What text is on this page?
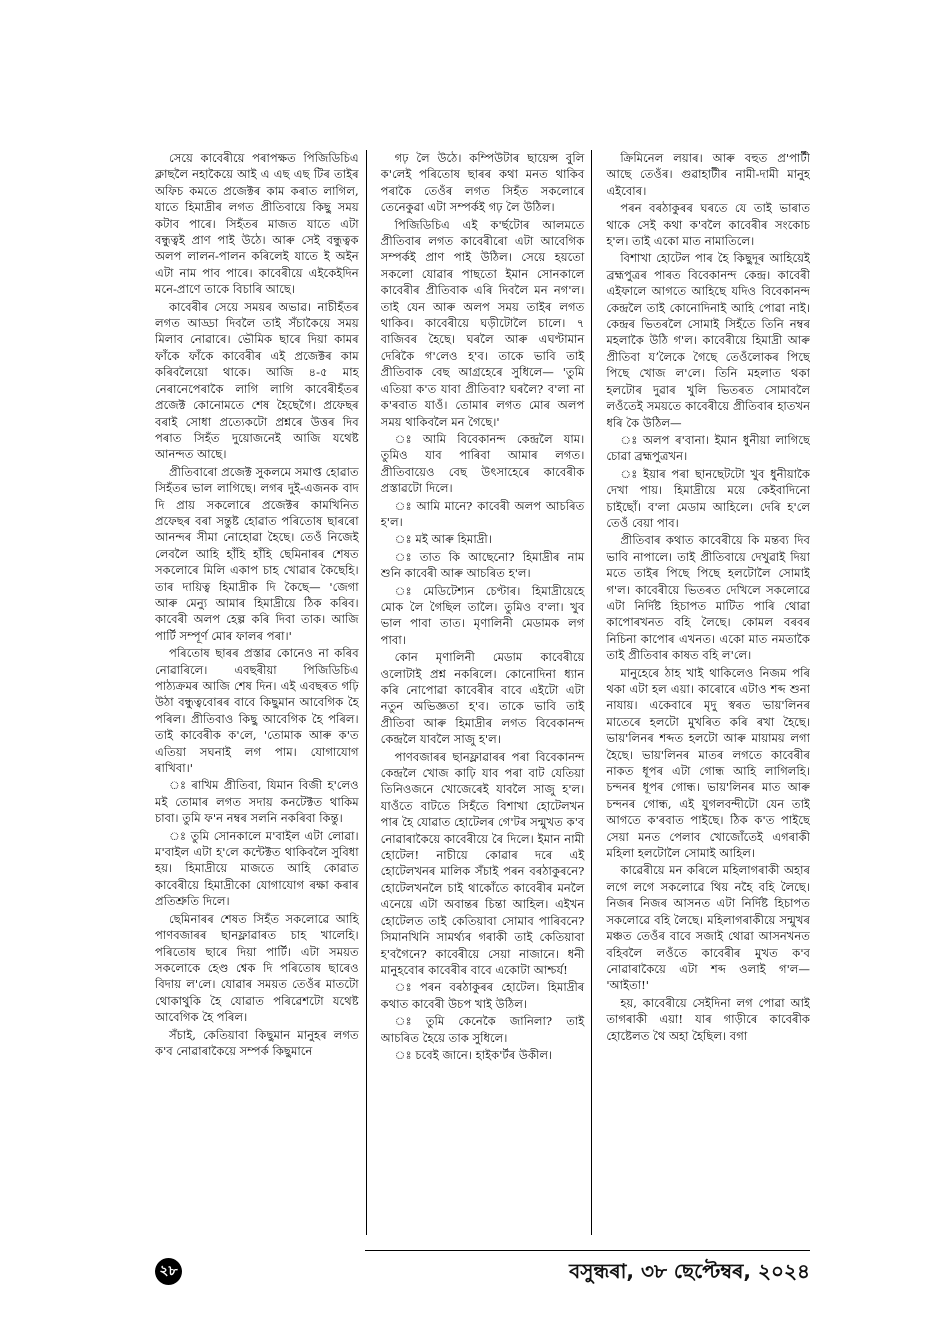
সেয়ে কাবেৰীয়ে পৰাপক্ষত পিজিডিচিএ ক্লাছলৈ নহাকৈয়ে আই এ এছ এছ টিৰ তাইৰ অফিচ কমতে প্ৰজেক্টৰ কাম কৰাত লাগিল, যাতে হিমাদ্ৰীৰ লগত প্ৰীতিবায়ে কিছু সময় কটাব পাৰে। সিহঁতৰ মাজত যাতে এটা বন্ধুত্বই প্ৰাণ পাই উঠে। আৰু সেই বন্ধুত্বক অলপ লালন-পালন কৰিলেই যাতে ই অইন এটা নাম পাব পাৰে। কাবেৰীয়ে এইকেইদিন মনে-প্ৰাণে তাকে বিচাৰি আছে।

কাবেৰীৰ সেয়ে সময়ৰ অভাৱ। নাচীহঁতৰ লগত আড্ডা দিবলৈ তাই সঁচাকৈয়ে সময় মিলাব নোৱাৰে। ভৌমিক ছাৰে দিয়া কামৰ ফাঁকে ফাঁকে কাবেৰীৰ এই প্ৰজেক্টৰ কাম কৰিবলৈয়ো থাকে। আজি ৪-৫ মাহ নেৰানেপেৰাকৈ লাগি লাগি কাবেৰীহঁতৰ প্ৰজেক্ট কোনোমতে শেষ হৈছেগৈ। প্ৰফেছৰ বৰাই সোধা প্ৰত্যেকটো প্ৰশ্নৰে উত্তৰ দিব পৰাত সিহঁত দুয়োজনেই আজি যথেষ্ট আনন্দত আছে।

প্ৰীতিবাৰো প্ৰজেক্ট সুকলমে সমাপ্ত হোৱাত সিহঁতৰ ভাল লাগিছে। লগৰ দুই-এজনক বাদ দি প্ৰায় সকলোৰে প্ৰজেক্টৰ কামখিনিত প্ৰফেছৰ বৰা সন্তুষ্ট হোৱাত পৰিতোষ ছাৰৰো আনন্দৰ সীমা নোহোৱা হৈছে। তেওঁ নিজেই লেবলৈ আহি হাঁহি হাঁহি ছেমিনাৰৰ শেষত সকলোৰে মিলি একাপ চাহ খোৱাৰ কৈছেহি। তাৰ দায়িত্ব হিমাদ্ৰীক দি কৈছে— 'জেগা আৰু মেন্যু আমাৰ হিমাদ্ৰীয়ে ঠিক কৰিব। কাবেৰী অলপ হেল্প কৰি দিবা তাক। আজি পাৰ্টি সম্পূৰ্ণ মোৰ ফালৰ পৰা।'

পৰিতোষ ছাৰৰ প্ৰস্তাৱ কোনেও না কৰিব নোৱাৰিলে। এবছৰীয়া পিজিডিচিএ পাঠ্যক্ৰমৰ আজি শেষ দিন। এই এবছৰত গঢ়ি উঠা বন্ধুত্ববোৰৰ বাবে কিছুমান আবেগিক হৈ পৰিল। প্ৰীতিবাও কিছু আবেগিক হৈ পৰিল। তাই কাবেৰীক ক'লে, 'তোমাক আৰু ক'ত এতিয়া সঘনাই লগ পাম। যোগাযোগ ৰাখিবা।'

ঃ ৰাখিম প্ৰীতিবা, যিমান বিজী হ'লেও মই তোমাৰ লগত সদায় কনটেক্টত থাকিম চাবা। তুমি ফ'ন নম্বৰ সলনি নকৰিবা কিন্তু।

ঃ তুমি সোনকালে ম'বাইল এটা লোৱা। ম'বাইল এটা হ'লে কন্টেক্টত থাকিবলৈ সুবিধা হয়। হিমাদ্ৰীয়ে মাজতে আহি কোৱাত কাবেৰীয়ে হিমাদ্ৰীকো যোগাযোগ ৰক্ষা কৰাৰ প্ৰতিশ্ৰুতি দিলে।

ছেমিনাৰৰ শেষত সিহঁত সকলোৱে আহি পাণবজাৰৰ ছানফ্লাৱাৰত চাহ খালেহি। পৰিতোষ ছাৰে দিয়া পাৰ্টি। এটা সময়ত সকলোকে হেণ্ড শ্বেক দি পৰিতোষ ছাৰেও বিদায় ল'লে। যোৱাৰ সময়ত তেওঁৰ মাতটো থোকাথুকি হৈ যোৱাত পৰিৱেশটো যথেষ্ট আবেগিক হৈ পৰিল।

সঁচাই, কেতিয়াবা কিছুমান মানুহৰ লগত ক'ব নোৱাৰাকৈয়ে সম্পৰ্ক কিছুমানে

গঢ় লৈ উঠে। কম্পিউটাৰ ছায়েন্স বুলি ক'লেই পৰিতোষ ছাৰৰ কথা মনত থাকিব পৰাকৈ তেওঁৰ লগত সিহঁত সকলোৰে তেনেকুৱা এটা সম্পৰ্কই গঢ় লৈ উঠিল।

পিজিডিচিএ এই ক'ৰ্ছটোৰ আলমতে প্ৰীতিবাৰ লগত কাবেৰীৰো এটা আবেগিক সম্পৰ্কই প্ৰাণ পাই উঠিল। সেয়ে হয়তো সকলো যোৱাৰ পাছতো ইমান সোনকালে কাবেৰীৰ প্ৰীতিবাক এৰি দিবলৈ মন নগ'ল। তাই যেন আৰু অলপ সময় তাইৰ লগত থাকিব। কাবেৰীয়ে ঘড়ীটোলৈ চালে। ৭ বাজিবৰ হৈছে। ঘৰলৈ আৰু এঘণ্টামান দেৰিকৈ গ'লেও হ'ব। তাকে ভাবি তাই প্ৰীতিবাক বেছ আগ্ৰহেৰে সুধিলে— 'তুমি এতিয়া ক'ত যাবা প্ৰীতিবা? ঘৰলৈ? ব'লা না ক'ৰবাত যাওঁ। তোমাৰ লগত মোৰ অলপ সময় থাকিবলৈ মন গৈছে।'

ঃ আমি বিবেকানন্দ কেন্দ্ৰলৈ যাম। তুমিও যাব পাৰিবা আমাৰ লগত। প্ৰীতিবায়েও বেছ উৎসাহেৰে কাবেৰীক প্ৰস্তাৱটো দিলে।

ঃ আমি মানে? কাবেৰী অলপ আচৰিত হ'ল।

ঃ মই আৰু হিমাদ্ৰী।

ঃ তাত কি আছেনো? হিমাদ্ৰীৰ নাম শুনি কাবেৰী আৰু আচৰিত হ'ল।

ঃ মেডিটেশ্যন চেণ্টাৰ। হিমাদ্ৰীয়েহে মোক লৈ গৈছিল তালৈ। তুমিও ব'লা। খুব ভাল পাবা তাত। মৃণালিনী মেডামক লগ পাবা।

কোন মৃণালিনী মেডাম কাবেৰীয়ে ওলোটাই প্ৰশ্ন নকৰিলে। কোনোদিনা ধ্যান কৰি নোপোৱা কাবেৰীৰ বাবে এইটো এটা নতুন অভিজ্ঞতা হ'ব। তাকে ভাবি তাই প্ৰীতিবা আৰু হিমাদ্ৰীৰ লগত বিবেকানন্দ কেন্দ্ৰলৈ যাবলৈ সাজু হ'ল।

পাণবজাৰৰ ছানফ্লাৱাৰৰ পৰা বিবেকানন্দ কেন্দ্ৰলৈ খোজ কাঢ়ি যাব পৰা বাট যেতিয়া তিনিওজনে খোজেৰেই যাবলৈ সাজু হ'ল। যাওঁতে বাটতে সিহঁতে বিশাখা হোটেলখন পাৰ হৈ যোৱাত হোটেলৰ গে'টৰ সন্মুখত ক'ব নোৱাৰাকৈয়ে কাবেৰীয়ে ৰৈ দিলে। ইমান নামী হোটেল! নাচীয়ে কোৱাৰ দৰে এই হোটেলখনৰ মালিক সঁচাই পৰন বৰঠাকুৰনে? হোটেলখনলৈ চাই থাকোঁতে কাবেৰীৰ মনলৈ এনেয়ে এটা অবান্তৰ চিন্তা আহিল। এইখন হোটেলত তাই কেতিয়াবা সোমাব পাৰিবনে? সিমানখিনি সামৰ্থ্যৰ গৰাকী তাই কেতিয়াবা হ'বগৈনে? কাবেৰীয়ে সেয়া নাজানে। ধনী মানুহবোৰ কাবেৰীৰ বাবে একোটা আশ্চৰ্য!

ঃ পৰন বৰঠাকুৰৰ হোটেল। হিমাদ্ৰীৰ কথাত কাবেৰী উচপ খাই উঠিল।

ঃ তুমি কেনেকৈ জানিলা? তাই আচৰিত হৈয়ে তাক সুধিলে।

ঃ চবেই জানে। হাইক'ৰ্টৰ উকীল।

ক্ৰিমিনেল লয়াৰ। আৰু বহুত প্ৰ'পাৰ্টী আছে তেওঁৰ। গুৱাহাটীৰ নামী-দামী মানুহ এইবোৰ।

পৰন বৰঠাকুৰৰ ঘৰতে যে তাই ভাৰাত থাকে সেই কথা ক'বলৈ কাবেৰীৰ সংকোচ হ'ল। তাই একো মাত নামাতিলে।

বিশাখা হোটেল পাৰ হৈ কিছুদূৰ আহিয়েই ব্ৰহ্মপুত্ৰৰ পাৰত বিবেকানন্দ কেন্দ্ৰ। কাবেৰী এইফালে আগতে আহিছে যদিও বিবেকানন্দ কেন্দ্ৰলৈ তাই কোনোদিনাই আহি পোৱা নাই। কেন্দ্ৰৰ ভিতৰলৈ সোমাই সিহঁতে তিনি নম্বৰ মহলাকৈ উঠি গ'ল। কাবেৰীয়ে হিমাদ্ৰী আৰু প্ৰীতিবা যʼলৈকে গৈছে তেওঁলোকৰ পিছে পিছে খোজ ল'লে। তিনি মহলাত থকা হলটোৰ দুৱাৰ খুলি ভিতৰত সোমাবলৈ লওঁতেই সময়তে কাবেৰীয়ে প্ৰীতিবাৰ হাতখন ধৰি কৈ উঠিল—

ঃ অলপ ৰ'বানা। ইমান ধুনীয়া লাগিছে চোৱা ব্ৰহ্মপুত্ৰখন।

ঃ ইয়াৰ পৰা ছানছেটটো খুব ধুনীয়াকৈ দেখা পায়। হিমাদ্ৰীয়ে ময়ে কেইবাদিনো চাইছোঁ। ব'লা মেডাম আহিলে। দেৰি হ'লে তেওঁ বেয়া পাব।

প্ৰীতিবাৰ কথাত কাবেৰীয়ে কি মন্তব্য দিব ভাবি নাপালে। তাই প্ৰীতিবায়ে দেখুৱাই দিয়া মতে তাইৰ পিছে পিছে হলটোলৈ সোমাই গ'ল। কাবেৰীয়ে ভিতৰত দেখিলে সকলোৱে এটা নিৰ্দিষ্ট হিচাপত মাটিত পাৰি থোৱা কাপোৰখনত বহি লৈছে। কোমল বৰবৰ নিচিনা কাপোৰ এখনত। একো মাত নমতাকৈ তাই প্ৰীতিবাৰ কাষত বহি ল'লে।

মানুহেৰে ঠাহ খাই থাকিলেও নিজম পৰি থকা এটা হল এয়া। কাৰোৰে এটাও শব্দ শুনা নাযায়। একেবাৰে মৃদু স্বৰত ভায়'লিনৰ মাতেৰে হলটো মুখৰিত কৰি ৰখা হৈছে। ভায়'লিনৰ শব্দত হলটো আৰু মায়াময় লগা হৈছে। ভায়'লিনৰ মাতৰ লগতে কাবেৰীৰ নাকত ধূপৰ এটা গোন্ধ আহি লাগিলহি। চন্দনৰ ধূপৰ গোন্ধ। ভায়'লিনৰ মাত আৰু চন্দনৰ গোন্ধ, এই যুগলবন্দীটো যেন তাই আগতে ক'ৰবাত পাইছে। ঠিক ক'ত পাইছে সেয়া মনত পেলাব খোজোঁতেই এগৰাকী মহিলা হলটোলৈ সোমাই আহিল।

কাৱেৰীয়ে মন কৰিলে মহিলাগৰাকী অহাৰ লগে লগে সকলোৱে থিয় নহৈ বহি লৈছে। নিজৰ নিজৰ আসনত এটা নিৰ্দিষ্ট হিচাপত সকলোৱে বহি লৈছে। মহিলাগৰাকীয়ে সন্মুখৰ মঞ্চত তেওঁৰ বাবে সজাই থোৱা আসনখনত বহিবলৈ লওঁতে কাবেৰীৰ মুখত ক'ব নোৱাৰাকৈয়ে এটা শব্দ ওলাই গ'ল— 'আইতা!'

হয়, কাবেৰীয়ে সেইদিনা লগ পোৱা আই তাগৰাকী এয়া! যাৰ গাড়ীৰে কাবেৰীক হোষ্টেলত থৈ অহা হৈছিল। বগা

২৮	বসুন্ধৰা, ৩৮ ছেপ্টেম্বৰ, ২০২৪
